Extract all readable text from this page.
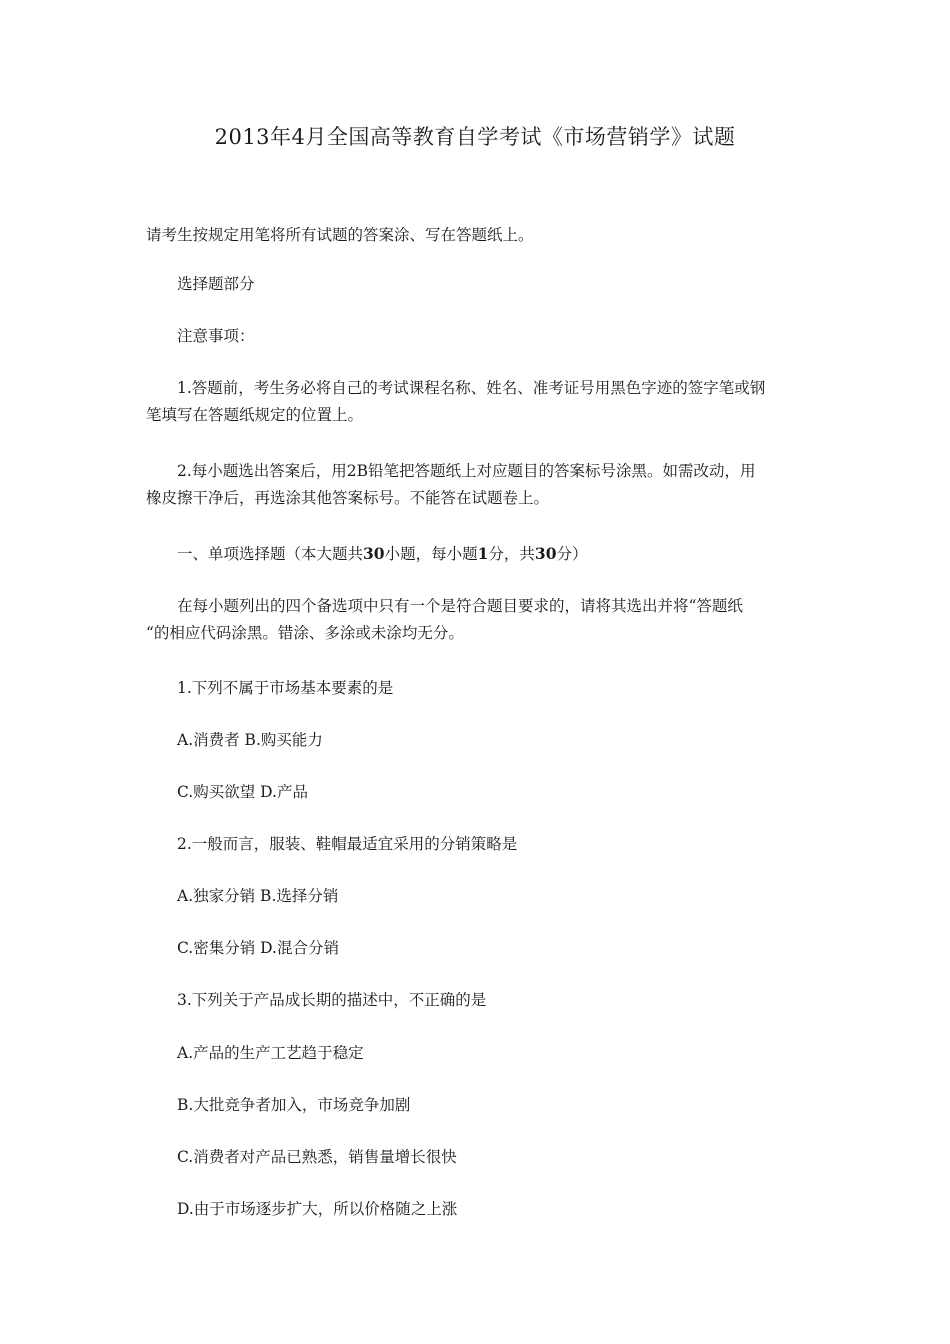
2013年4月全国高等教育自学考试《市场营销学》试题
请考生按规定用笔将所有试题的答案涂、写在答题纸上。
选择题部分
注意事项：
1.答题前，考生务必将自己的考试课程名称、姓名、准考证号用黑色字迹的签字笔或钢
笔填写在答题纸规定的位置上。
2.每小题选出答案后，用2B铅笔把答题纸上对应题目的答案标号涂黑。如需改动，用
橡皮擦干净后，再选涂其他答案标号。不能答在试题卷上。
一、单项选择题（本大题共30小题，每小题1分，共30分）
在每小题列出的四个备选项中只有一个是符合题目要求的，请将其选出并将“答题纸
“的相应代码涂黑。错涂、多涂或未涂均无分。
1.下列不属于市场基本要素的是
A.消费者 B.购买能力
C.购买欲望 D.产品
2.一般而言，服装、鞋帽最适宜采用的分销策略是
A.独家分销 B.选择分销
C.密集分销 D.混合分销
3.下列关于产品成长期的描述中，不正确的是
A.产品的生产工艺趋于稳定
B.大批竞争者加入，市场竞争加剧
C.消费者对产品已熟悉，销售量增长很快
D.由于市场逐步扩大，所以价格随之上涨
